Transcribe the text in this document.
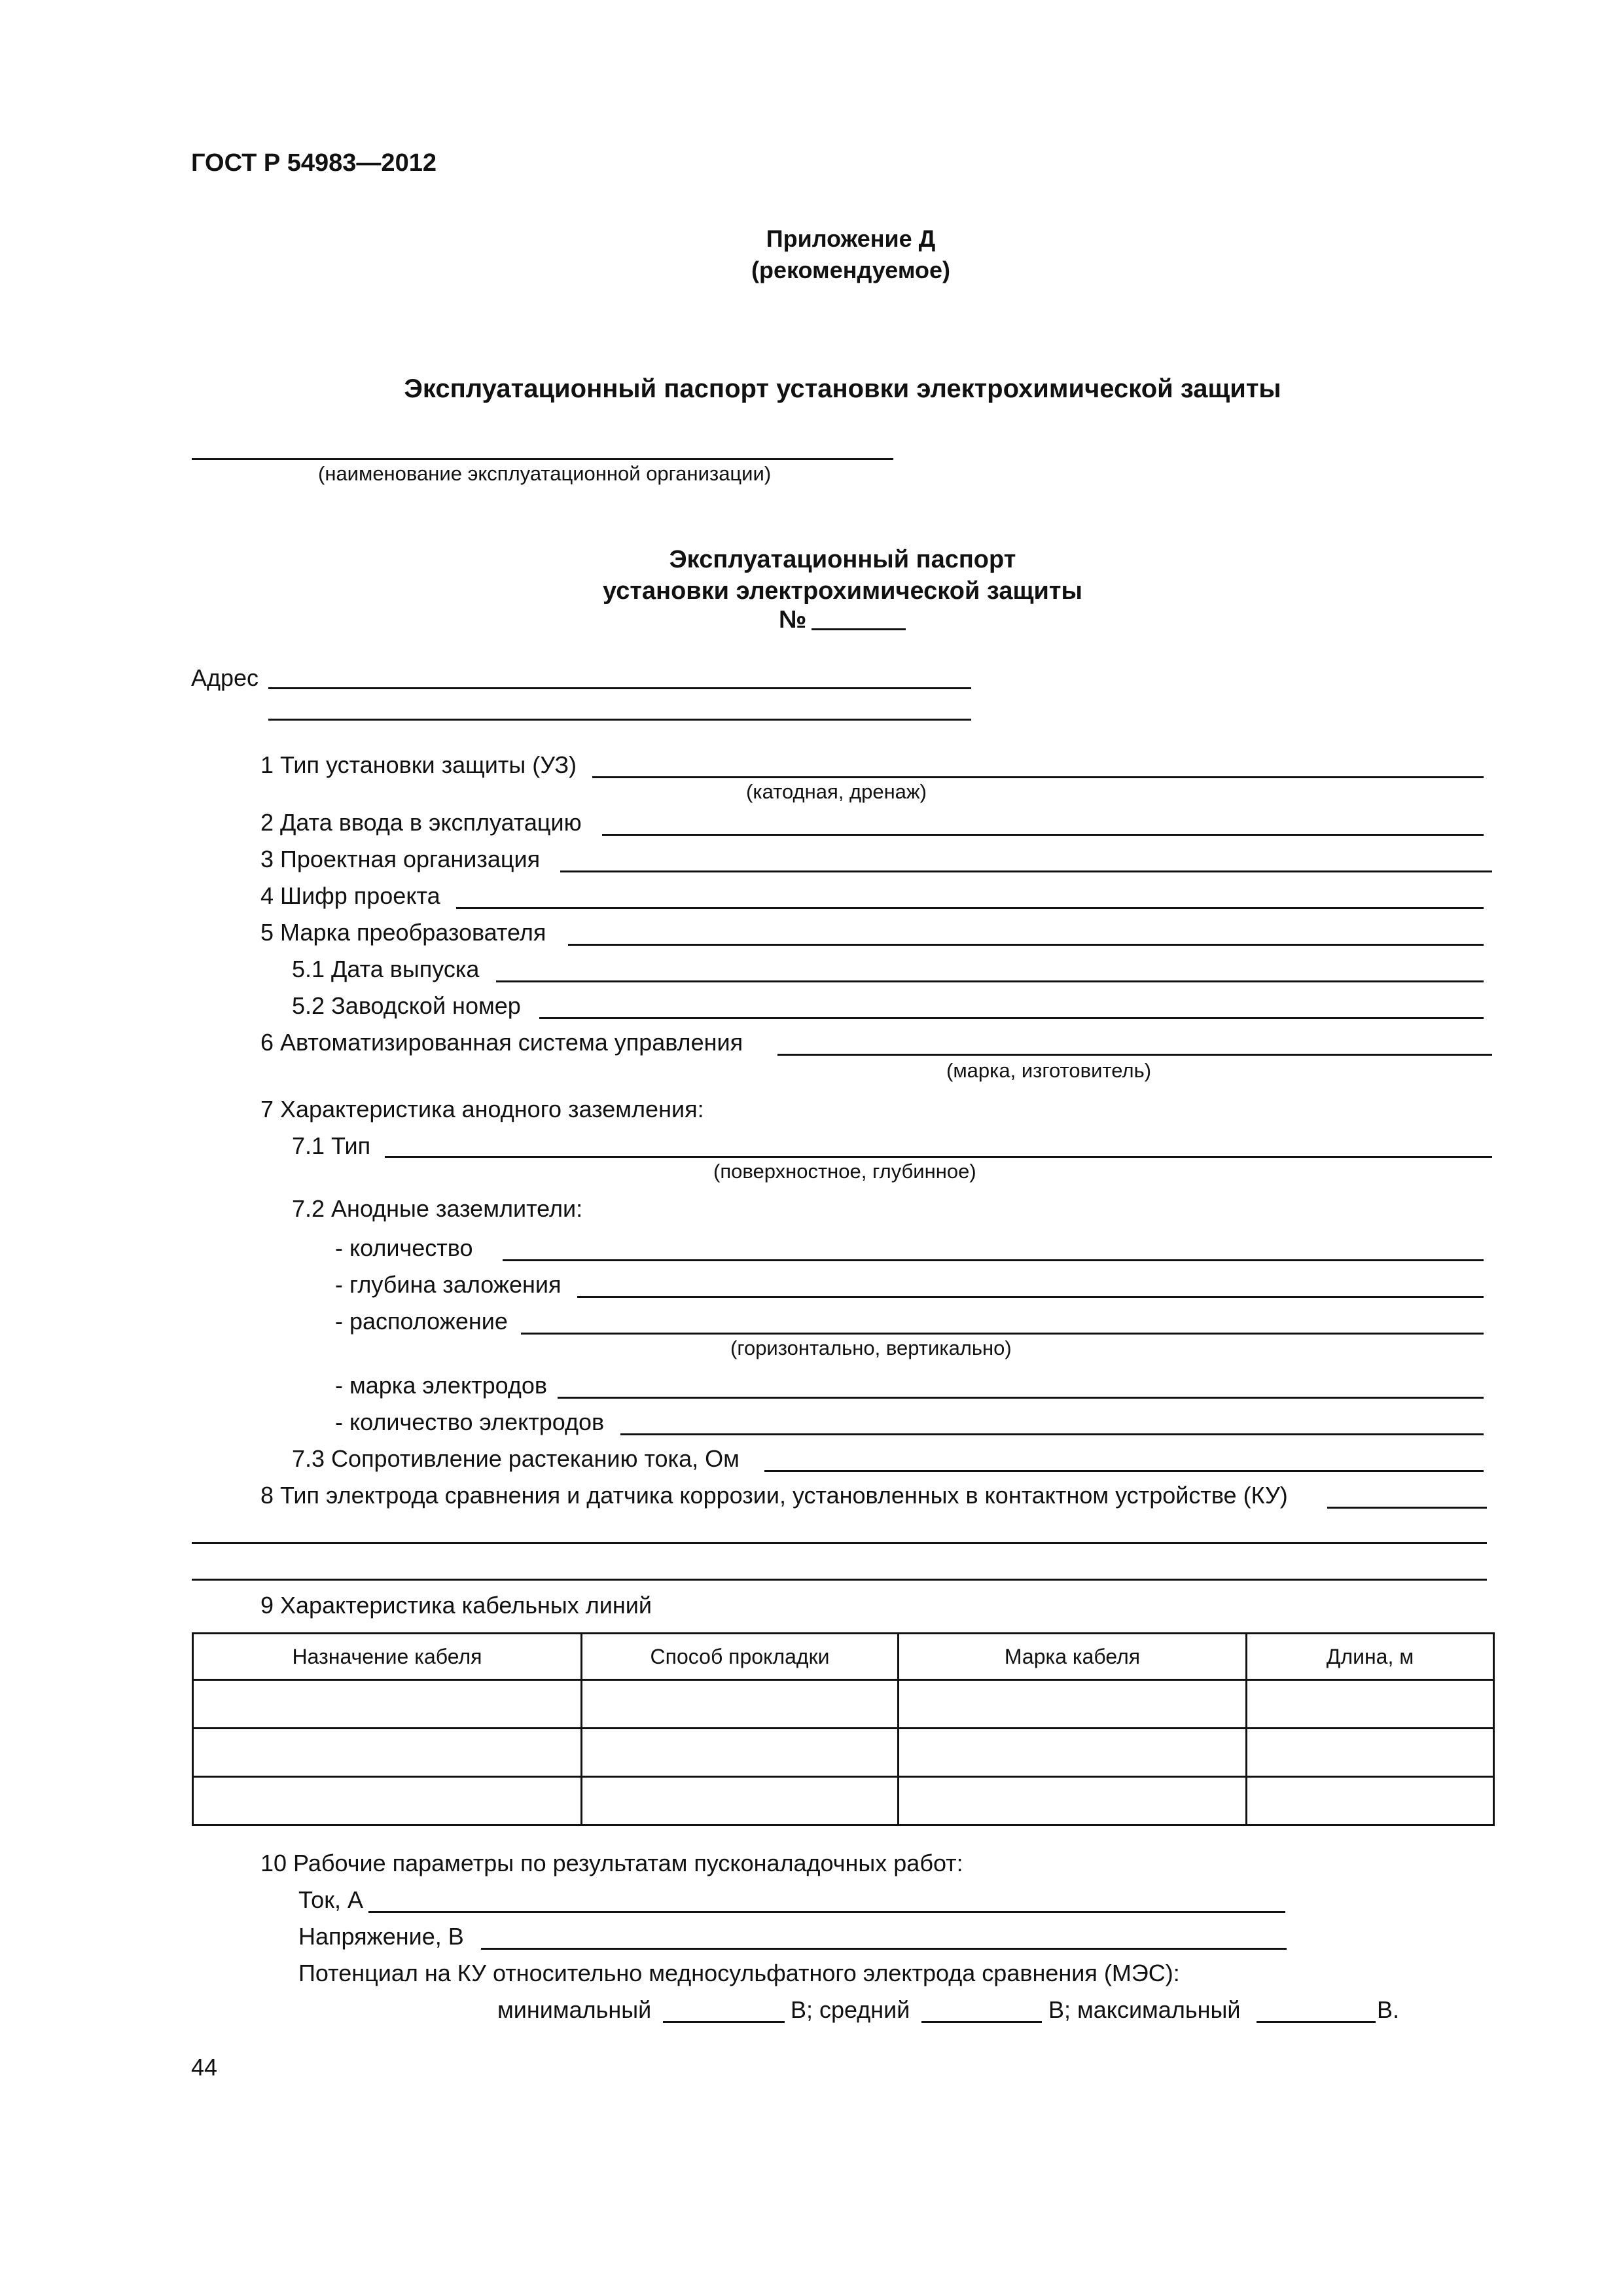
ГОСТ Р 54983—2012
Приложение Д
(рекомендуемое)
Эксплуатационный паспорт установки электрохимической защиты
(наименование эксплуатационной организации)
Эксплуатационный паспорт
установки электрохимической защиты
№
Адрес
1 Тип установки защиты (УЗ)
(катодная, дренаж)
2 Дата ввода в эксплуатацию
3 Проектная организация
4 Шифр проекта
5 Марка преобразователя
5.1 Дата выпуска
5.2 Заводской номер
6 Автоматизированная система управления
(марка, изготовитель)
7 Характеристика анодного заземления:
7.1 Тип
(поверхностное, глубинное)
7.2 Анодные заземлители:
- количество
- глубина заложения
- расположение
(горизонтально, вертикально)
- марка электродов
- количество электродов
7.3 Сопротивление растеканию тока, Ом
8 Тип электрода сравнения и датчика коррозии, установленных в контактном устройстве (КУ)
9 Характеристика кабельных линий
Назначение кабеля	Способ прокладки	Марка кабеля	Длина, м

10 Рабочие параметры по результатам пусконаладочных работ:
Ток, А
Напряжение, В
Потенциал на КУ относительно медносульфатного электрода сравнения (МЭС):
минимальный	В; средний	В; максимальный	В.
44
